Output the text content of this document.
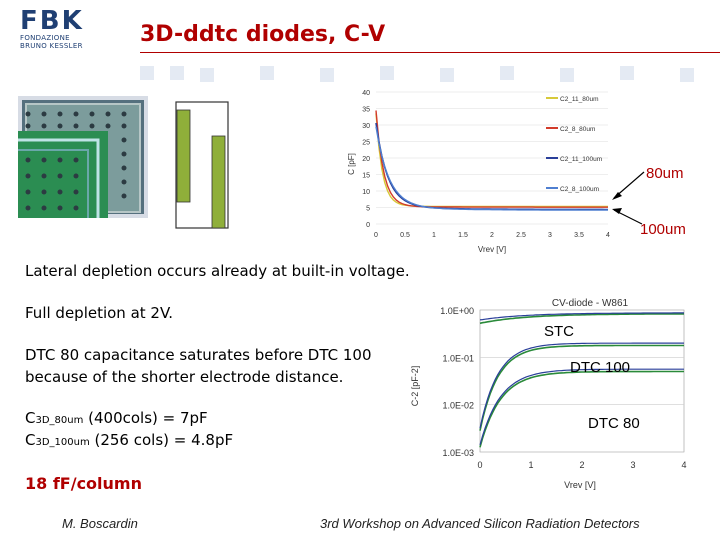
FBK
FONDAZIONE
BRUNO KESSLER	3D-ddtc diodes, C-V
C [pF]
Vrev [V]
0
5
10
15
20
25
30
35
40
0	0.5	1	1.5	2	2.5	3	3.5	4
C2_11_80um
C2_8_80um
C2_11_100um
C2_8_100um
80um
100um
Lateral depletion occurs already at built-in voltage.
Full depletion at 2V.
DTC 80 capacitance saturates before DTC 100
because of the shorter electrode distance.
C3D_80um (400cols) = 7pF
C3D_100um (256 cols) = 4.8pF
18 fF/column
CV-diode - W861
C-2 [pF-2]
Vrev [V]
1.0E+00
1.0E-01
1.0E-02
1.0E-03
0	1	2	3	4
STC
DTC 100
DTC 80
M. Boscardin	3rd Workshop on Advanced Silicon Radiation Detectors
